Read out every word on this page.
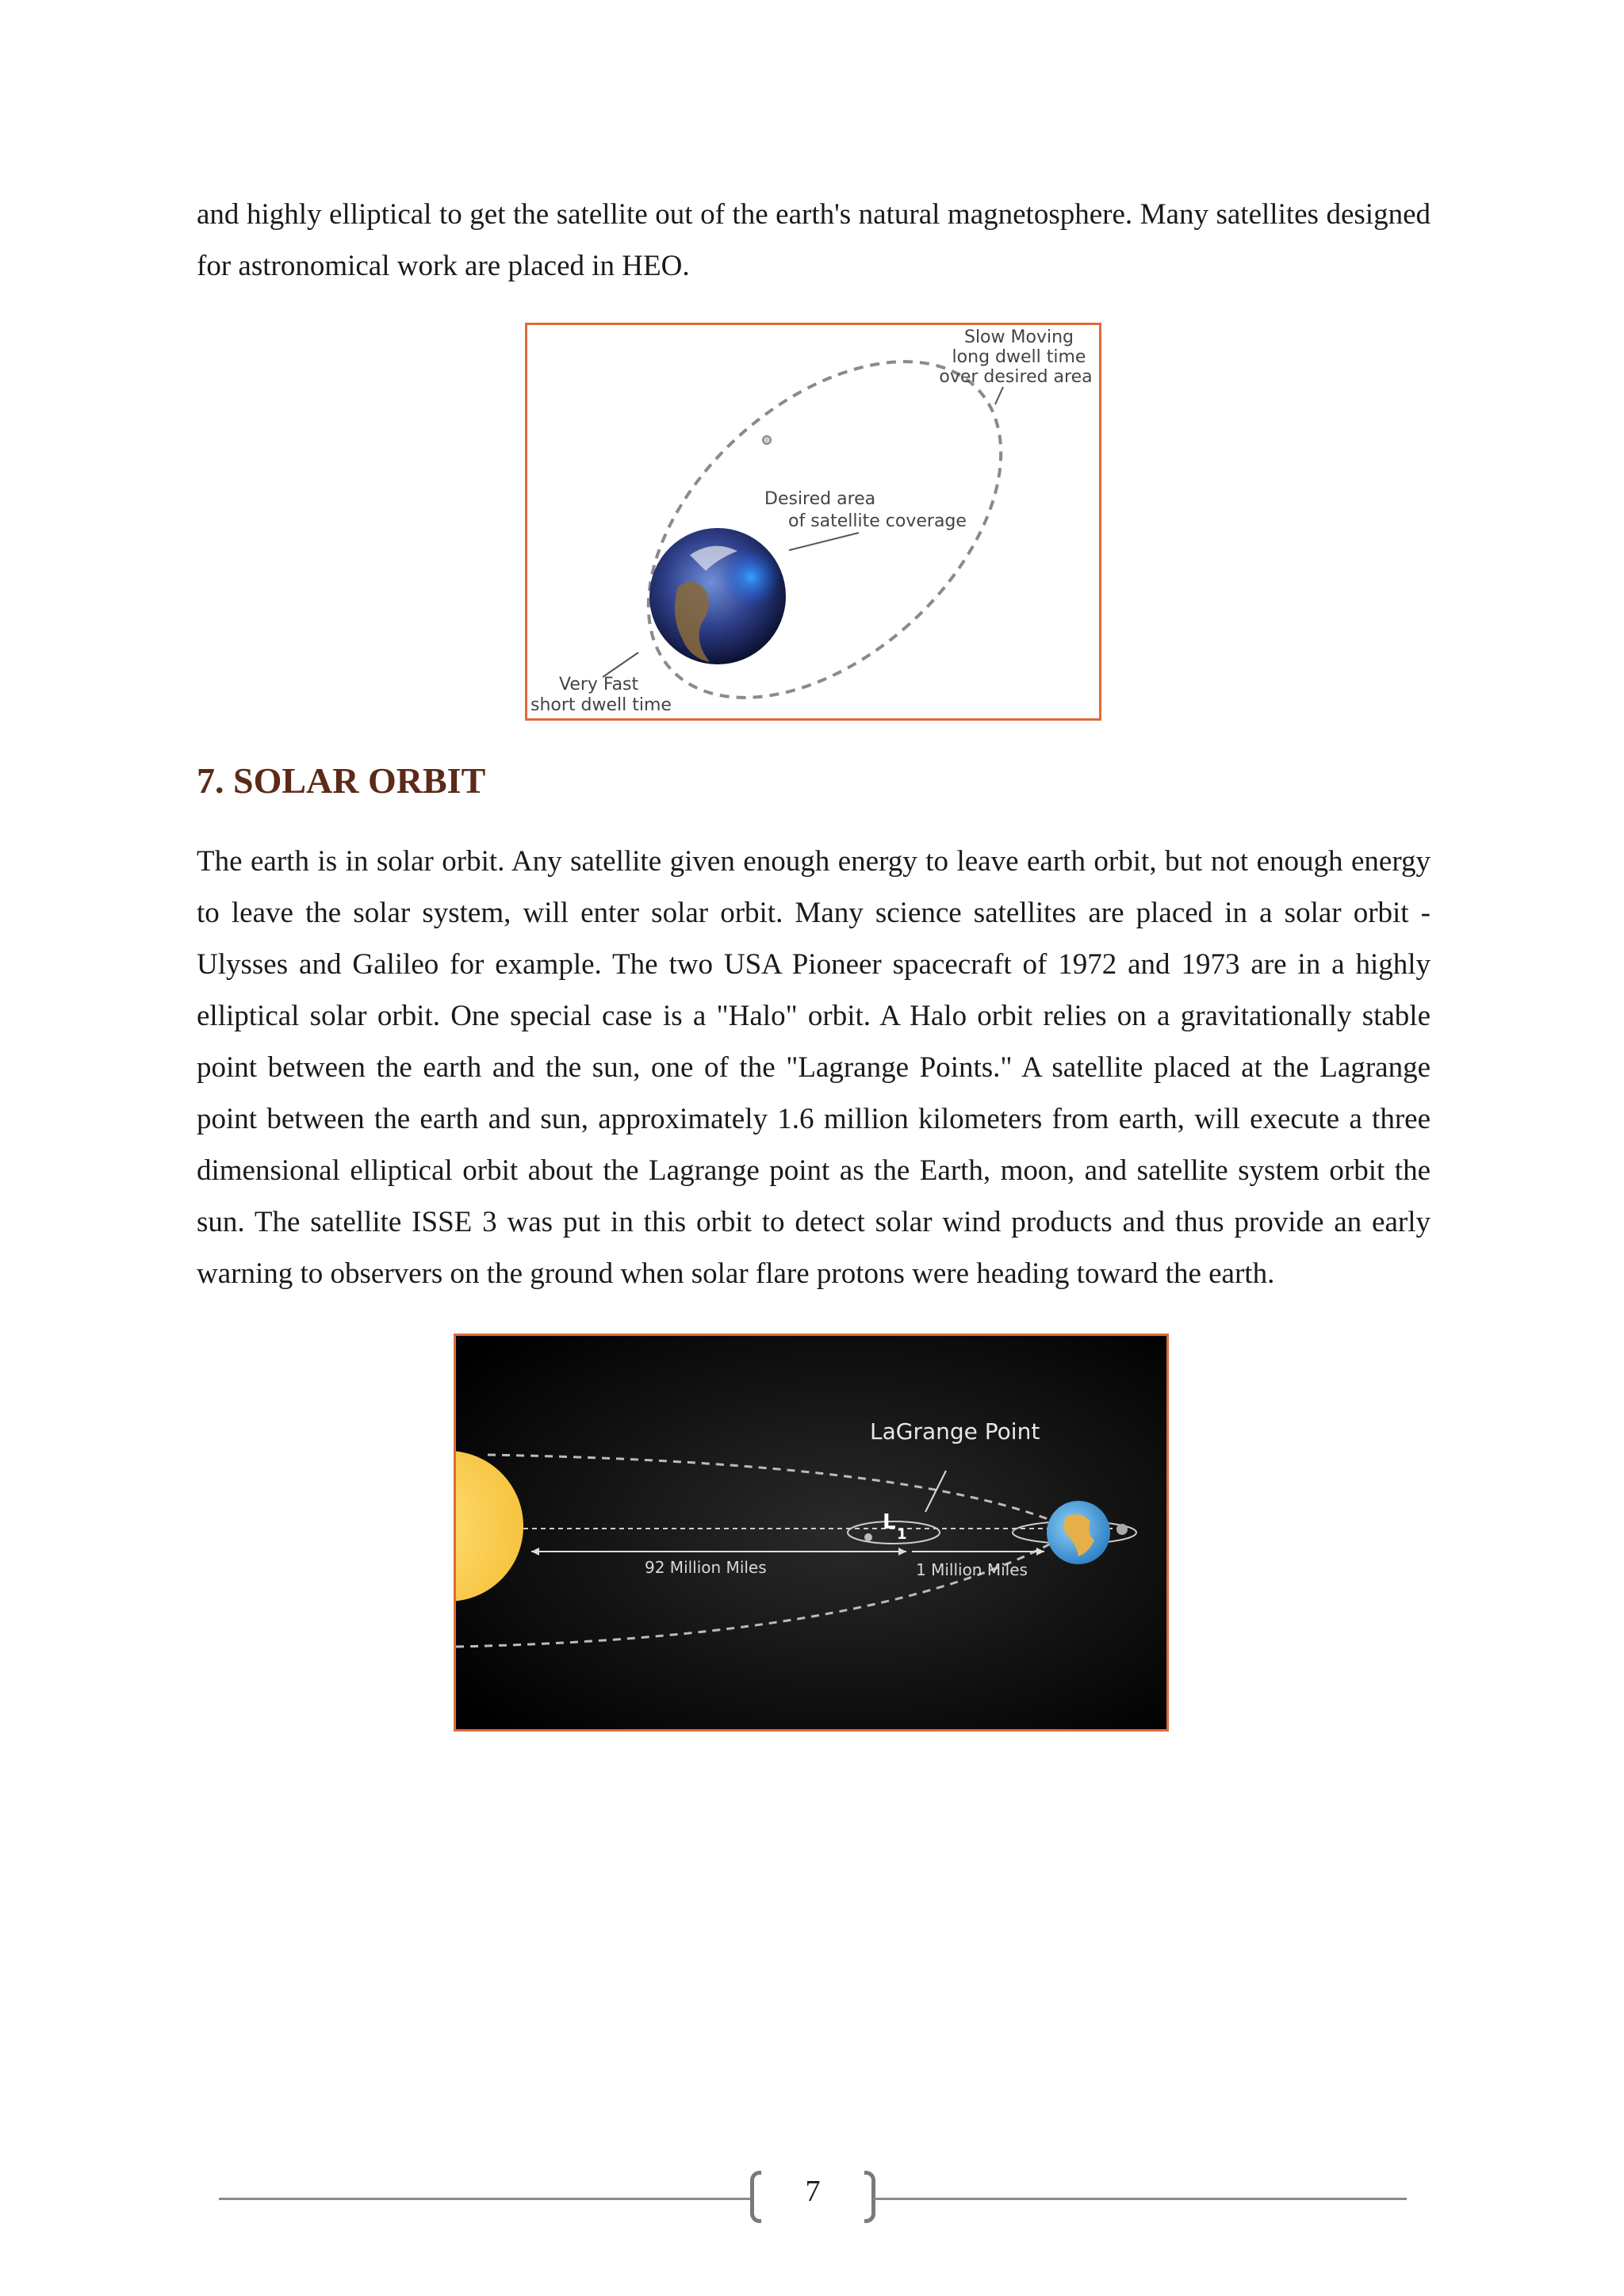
and highly elliptical to get the satellite out of the earth's natural magnetosphere. Many satellites designed for astronomical work are placed in HEO.

Slow Moving
long dwell time
over desired area
Desired area
of satellite coverage
Very Fast
short dwell time
7. SOLAR ORBIT

The earth is in solar orbit. Any satellite given enough energy to leave earth orbit, but not enough energy to leave the solar system, will enter solar orbit. Many science satellites are placed in a solar orbit - Ulysses and Galileo for example. The two USA Pioneer spacecraft of 1972 and 1973 are in a highly elliptical solar orbit. One special case is a "Halo" orbit. A Halo orbit relies on a gravitationally stable point between the earth and the sun, one of the "Lagrange Points." A satellite placed at the Lagrange point between the earth and sun, approximately 1.6 million kilometers from earth, will execute a three dimensional elliptical orbit about the Lagrange point as the Earth, moon, and satellite system orbit the sun. The satellite ISSE 3 was put in this orbit to detect solar wind products and thus provide an early warning to observers on the ground when solar flare protons were heading toward the earth.

LaGrange Point
L
1
92 Million Miles	1 Million Miles
7
